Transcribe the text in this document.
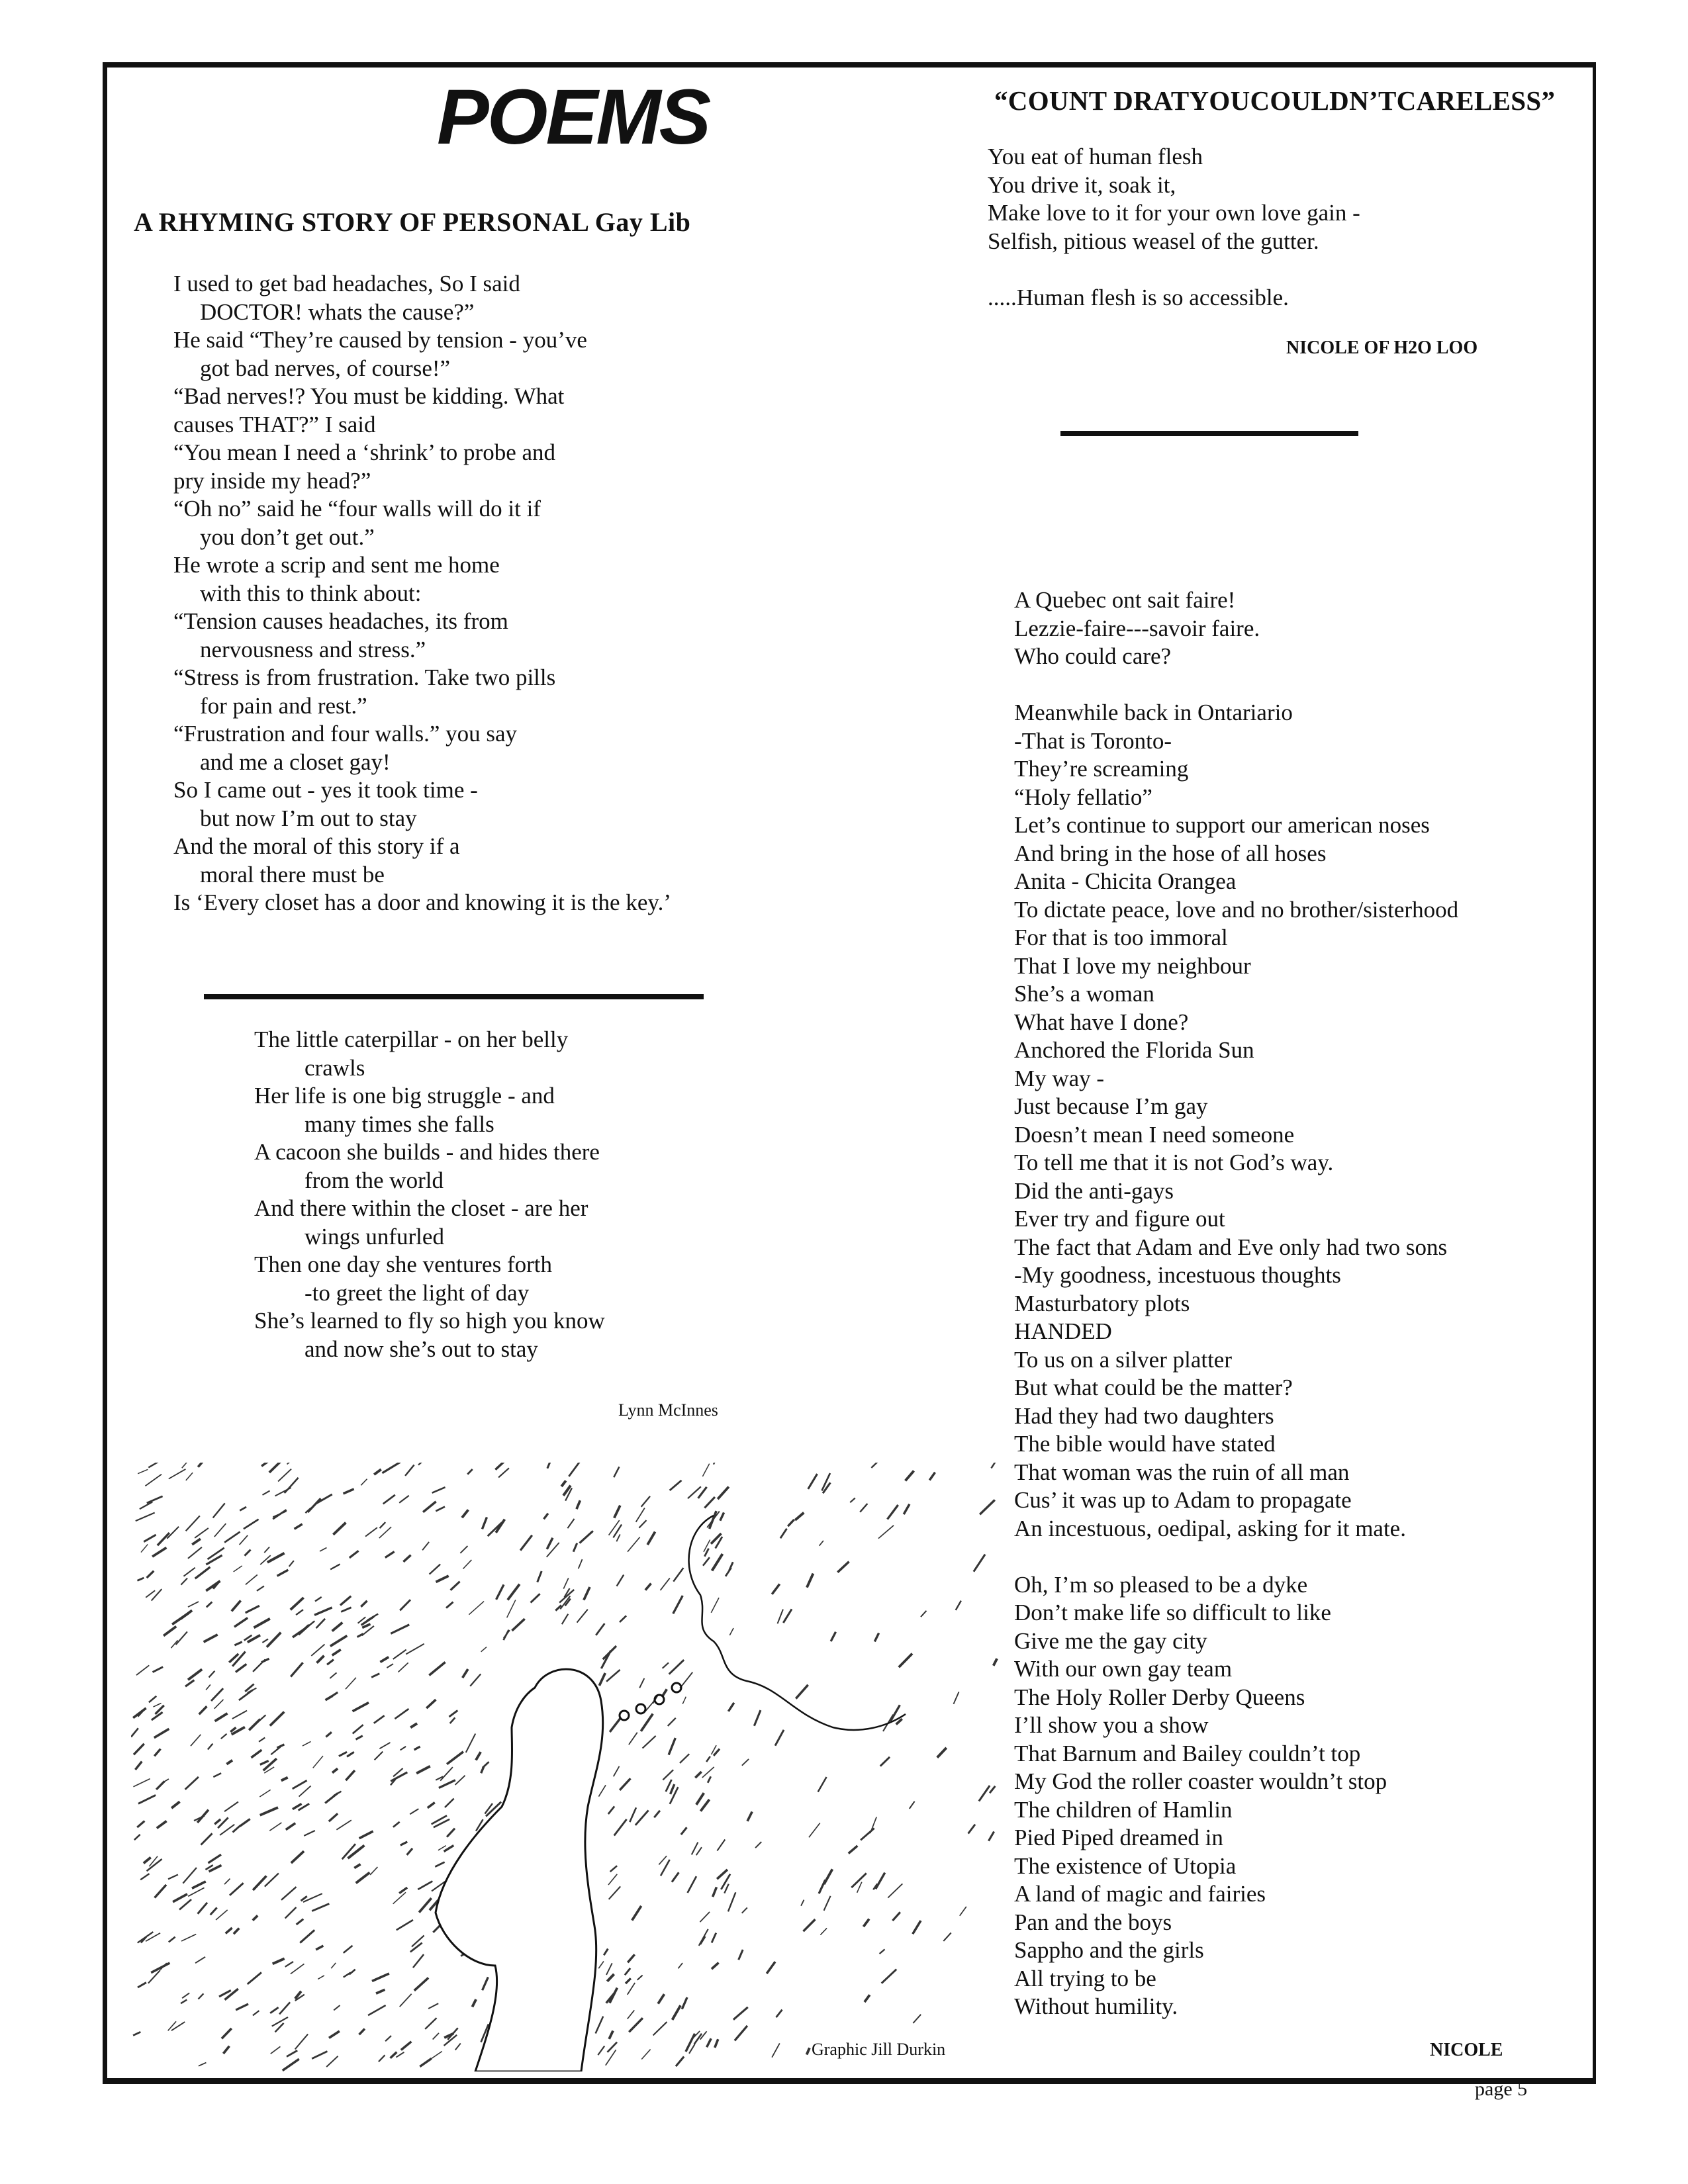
POEMS
A RHYMING STORY OF PERSONAL Gay Lib
I used to get bad headaches, So I said
DOCTOR! whats the cause?”
He said “They’re caused by tension - you’ve
got bad nerves, of course!”
“Bad nerves!? You must be kidding. What
causes THAT?” I said
“You mean I need a ‘shrink’ to probe and
pry inside my head?”
“Oh no” said he “four walls will do it if
you don’t get out.”
He wrote a scrip and sent me home
with this to think about:
“Tension causes headaches, its from
nervousness and stress.”
“Stress is from frustration. Take two pills
for pain and rest.”
“Frustration and four walls.” you say
and me a closet gay!
So I came out - yes it took time -
but now I’m out to stay
And the moral of this story if a
moral there must be
Is ‘Every closet has a door and knowing it is the key.’
The little caterpillar - on her belly
crawls
Her life is one big struggle - and
many times she falls
A cacoon she builds - and hides there
from the world
And there within the closet - are her
wings unfurled
Then one day she ventures forth
-to greet the light of day
She’s learned to fly so high you know
and now she’s out to stay
Lynn McInnes
Graphic Jill Durkin
“COUNT DRATYOUCOULDN’TCARELESS”
You eat of human flesh
You drive it, soak it,
Make love to it for your own love gain -
Selfish, pitious weasel of the gutter.

.....Human flesh is so accessible.
NICOLE OF H2O LOO
A Quebec ont sait faire!
Lezzie-faire---savoir faire.
Who could care?

Meanwhile back in Ontariario
-That is Toronto-
They’re screaming
“Holy fellatio”
Let’s continue to support our american noses
And bring in the hose of all hoses
Anita - Chicita Orangea
To dictate peace, love and no brother/sisterhood
For that is too immoral
That I love my neighbour
She’s a woman
What have I done?
Anchored the Florida Sun
My way -
Just because I’m gay
Doesn’t mean I need someone
To tell me that it is not God’s way.
Did the anti-gays
Ever try and figure out
The fact that Adam and Eve only had two sons
-My goodness, incestuous thoughts
Masturbatory plots
HANDED
To us on a silver platter
But what could be the matter?
Had they had two daughters
The bible would have stated
That woman was the ruin of all man
Cus’ it was up to Adam to propagate
An incestuous, oedipal, asking for it mate.

Oh, I’m so pleased to be a dyke
Don’t make life so difficult to like
Give me the gay city
With our own gay team
The Holy Roller Derby Queens
I’ll show you a show
That Barnum and Bailey couldn’t top
My God the roller coaster wouldn’t stop
The children of Hamlin
Pied Piped dreamed in
The existence of Utopia
A land of magic and fairies
Pan and the boys
Sappho and the girls
All trying to be
Without humility.
NICOLE
page 5
